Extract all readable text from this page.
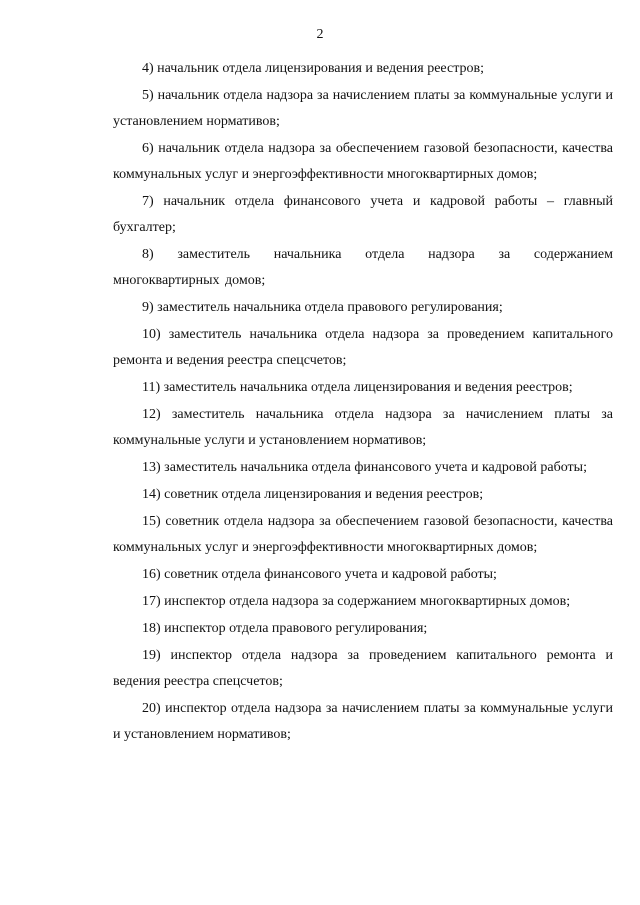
2

4) начальник отдела лицензирования и ведения реестров;

5) начальник отдела надзора за начислением платы за коммунальные услуги и установлением нормативов;

6) начальник отдела надзора за обеспечением газовой безопасности, качества коммунальных услуг и энергоэффективности многоквартирных домов;

7) начальник отдела финансового учета и кадровой работы – главный бухгалтер;

8) заместитель начальника отдела надзора за содержанием многоквартирных домов;

9) заместитель начальника отдела правового регулирования;

10) заместитель начальника отдела надзора за проведением капитального ремонта и ведения реестра спецсчетов;

11) заместитель начальника отдела лицензирования и ведения реестров;

12) заместитель начальника отдела надзора за начислением платы за коммунальные услуги и установлением нормативов;

13) заместитель начальника отдела финансового учета и кадровой работы;

14) советник отдела лицензирования и ведения реестров;

15) советник отдела надзора за обеспечением газовой безопасности, качества коммунальных услуг и энергоэффективности многоквартирных домов;

16) советник отдела финансового учета и кадровой работы;

17) инспектор отдела надзора за содержанием многоквартирных домов;

18) инспектор отдела правового регулирования;

19) инспектор отдела надзора за проведением капитального ремонта и ведения реестра спецсчетов;

20) инспектор отдела надзора за начислением платы за коммунальные услуги и установлением нормативов;
